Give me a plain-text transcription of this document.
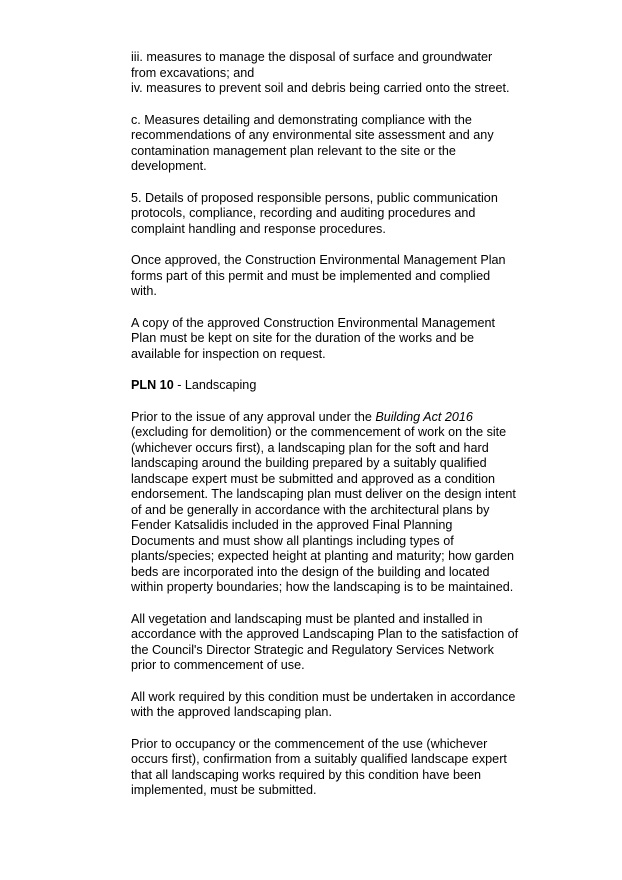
iii. measures to manage the disposal of surface and groundwater
from excavations; and
iv. measures to prevent soil and debris being carried onto the street.

c. Measures detailing and demonstrating compliance with the
recommendations of any environmental site assessment and any
contamination management plan relevant to the site or the
development.

5. Details of proposed responsible persons, public communication
protocols, compliance, recording and auditing procedures and
complaint handling and response procedures.

Once approved, the Construction Environmental Management Plan
forms part of this permit and must be implemented and complied
with.

A copy of the approved Construction Environmental Management
Plan must be kept on site for the duration of the works and be
available for inspection on request.

PLN 10 - Landscaping

Prior to the issue of any approval under the Building Act 2016
(excluding for demolition) or the commencement of work on the site
(whichever occurs first), a landscaping plan for the soft and hard
landscaping around the building prepared by a suitably qualified
landscape expert must be submitted and approved as a condition
endorsement. The landscaping plan must deliver on the design intent
of and be generally in accordance with the architectural plans by
Fender Katsalidis included in the approved Final Planning
Documents and must show all plantings including types of
plants/species; expected height at planting and maturity; how garden
beds are incorporated into the design of the building and located
within property boundaries; how the landscaping is to be maintained.

All vegetation and landscaping must be planted and installed in
accordance with the approved Landscaping Plan to the satisfaction of
the Council's Director Strategic and Regulatory Services Network
prior to commencement of use.

All work required by this condition must be undertaken in accordance
with the approved landscaping plan.

Prior to occupancy or the commencement of the use (whichever
occurs first), confirmation from a suitably qualified landscape expert
that all landscaping works required by this condition have been
implemented, must be submitted.
